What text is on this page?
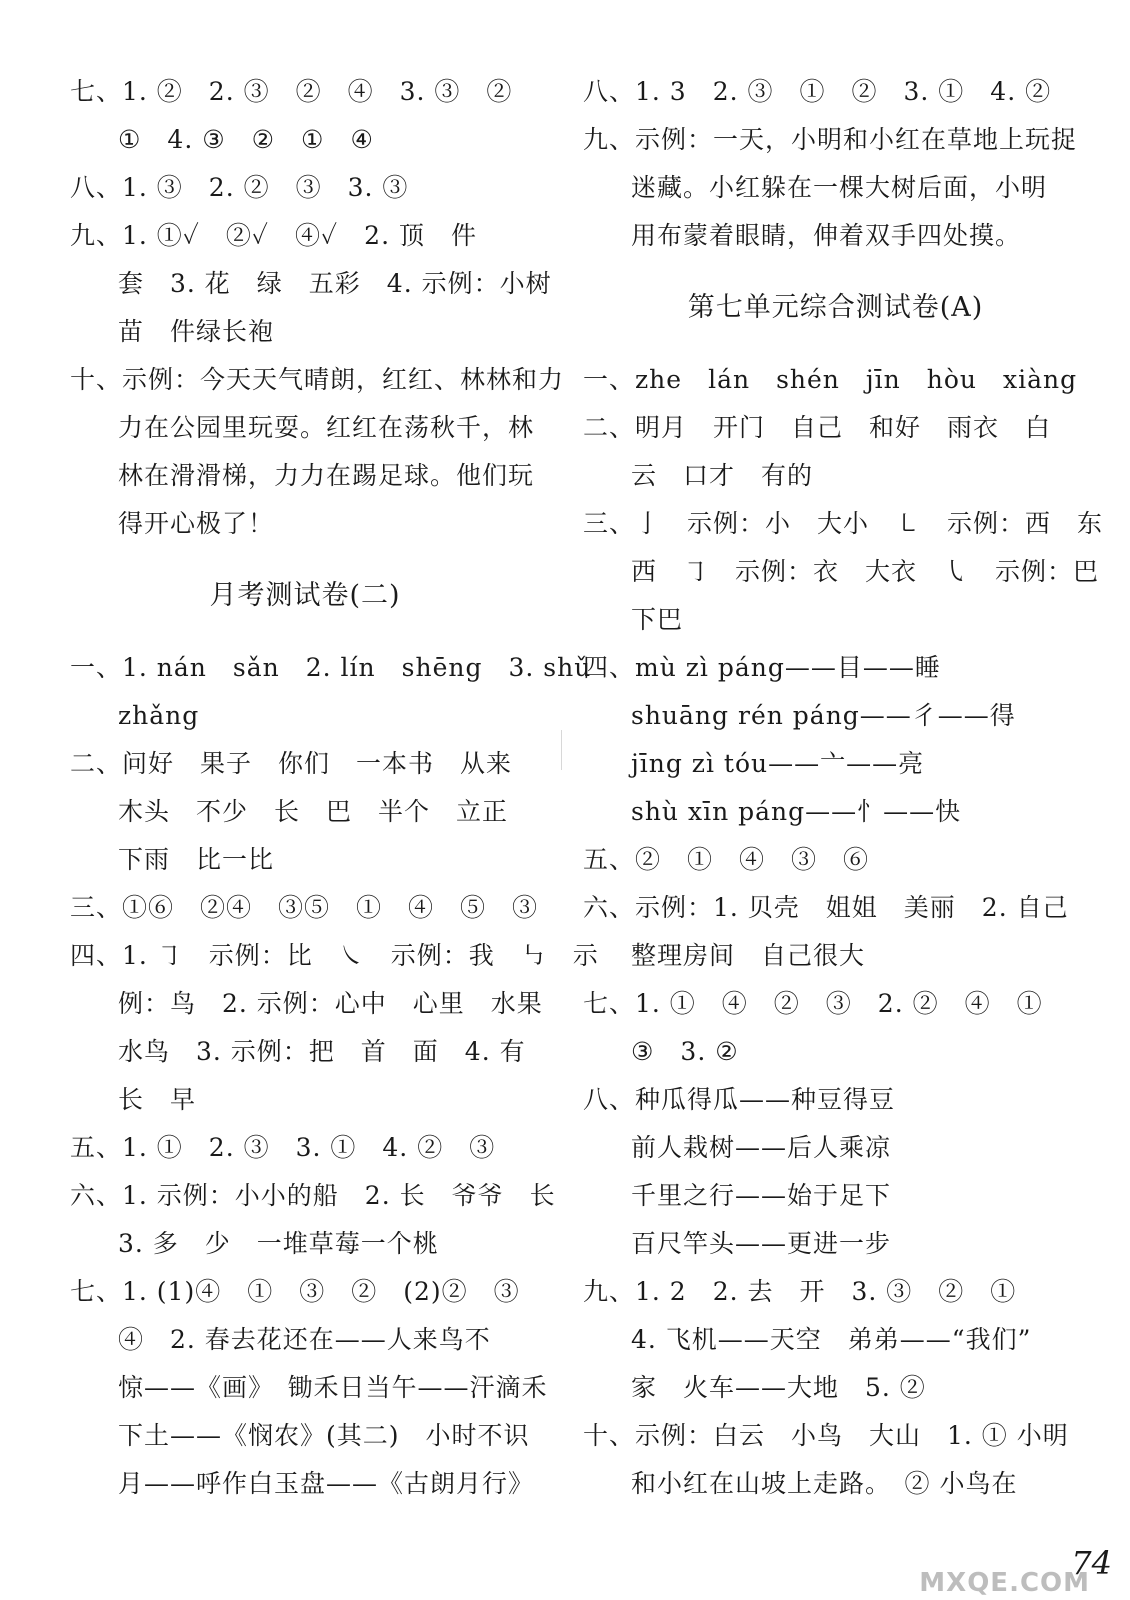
七、1. ②　2. ③　②　④　3. ③　②
①　4. ③　②　①　④
八、1. ③　2. ②　③　3. ③
九、1. ①✓　②✓　④✓　2. 顶　件
套　3. 花　绿　五彩　4. 示例：小树
苗　件绿长袍
十、示例：今天天气晴朗，红红、林林和力
力在公园里玩耍。红红在荡秋千，林
林在滑滑梯，力力在踢足球。他们玩
得开心极了！
月考测试卷(二)
一、1. nán　sǎn　2. lín　shēng　3. shǔ
zhǎng
二、问好　果子　你们　一本书　从来
木头　不少　长　巴　半个　立正
下雨　比一比
三、①⑥　②④　③⑤　①　④　⑤　③
四、1. ㇆　示例：比　㇏　示例：我　㇉　示
例：鸟　2. 示例：心中　心里　水果
水鸟　3. 示例：把　首　面　4. 有
长　早
五、1. ①　2. ③　3. ①　4. ②　③
六、1. 示例：小小的船　2. 长　爷爷　长
3. 多　少　一堆草莓一个桃
七、1. (1)④　①　③　②　(2)②　③
④　2. 春去花还在——人来鸟不
惊——《画》　锄禾日当午——汗滴禾
下土——《悯农》(其二)　小时不识
月——呼作白玉盘——《古朗月行》
八、1. 3　2. ③　①　②　3. ①　4. ②
九、示例：一天，小明和小红在草地上玩捉
迷藏。小红躲在一棵大树后面，小明
用布蒙着眼睛，伸着双手四处摸。
第七单元综合测试卷(A)
一、zhe　lán　shén　jīn　hòu　xiàng
二、明月　开门　自己　和好　雨衣　白
云　口才　有的
三、亅　示例：小　大小　㇄　示例：西　东
西　㇆　示例：衣　大衣　㇂　示例：巴
下巴
四、mù zì páng——目——睡
shuāng rén páng——彳——得
jīng zì tóu——亠——亮
shù xīn páng——忄——快
五、②　①　④　③　⑥
六、示例：1. 贝壳　姐姐　美丽　2. 自己
整理房间　自己很大
七、1. ①　④　②　③　2. ②　④　①
③　3. ②
八、种瓜得瓜——种豆得豆
前人栽树——后人乘凉
千里之行——始于足下
百尺竿头——更进一步
九、1. 2　2. 去　开　3. ③　②　①
4. 飞机——天空　弟弟——“我们”
家　火车——大地　5. ②
十、示例：白云　小鸟　大山　1. ① 小明
和小红在山坡上走路。　② 小鸟在
MXQE.COM
74
